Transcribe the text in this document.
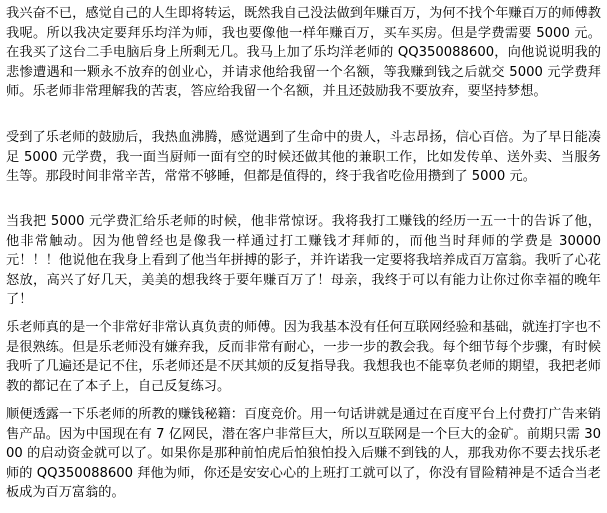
我兴奋不已，感觉自己的人生即将转运，既然我自己没法做到年赚百万，为何不找个年赚百万的师傅教我呢。所以我决定要拜乐均洋为师，我也要像他一样年赚百万，买车买房。但是学费需要 5000 元。在我买了这台二手电脑后身上所剩无几。我马上加了乐均洋老师的 QQ350088600，向他说说明我的悲惨遭遇和一颗永不放弃的创业心，并请求他给我留一个名额，等我赚到钱之后就交 5000 元学费拜师。乐老师非常理解我的苦衷，答应给我留一个名额，并且还鼓励我不要放弃，要坚持梦想。

受到了乐老师的鼓励后，我热血沸腾，感觉遇到了生命中的贵人，斗志昂扬，信心百倍。为了早日能凑足 5000 元学费，我一面当厨师一面有空的时候还做其他的兼职工作，比如发传单、送外卖、当服务生等。那段时间非常辛苦，常常不够睡，但都是值得的，终于我省吃俭用攒到了 5000 元。

当我把 5000 元学费汇给乐老师的时候，他非常惊讶。我将我打工赚钱的经历一五一十的告诉了他，他非常触动。因为他曾经也是像我一样通过打工赚钱才拜师的，而他当时拜师的学费是 30000 元！！！他说他在我身上看到了他当年拼搏的影子，并许诺我一定要将我培养成百万富翁。我听了心花怒放，高兴了好几天，美美的想我终于要年赚百万了！母亲，我终于可以有能力让你过你幸福的晚年了！

乐老师真的是一个非常好非常认真负责的师傅。因为我基本没有任何互联网经验和基础，就连打字也不是很熟练。但是乐老师没有嫌弃我，反而非常有耐心，一步一步的教会我。每个细节每个步骤，有时候我听了几遍还是记不住，乐老师还是不厌其烦的反复指导我。我想我也不能辜负老师的期望，我把老师教的都记在了本子上，自己反复练习。

顺便透露一下乐老师的所教的赚钱秘籍：百度竞价。用一句话讲就是通过在百度平台上付费打广告来销售产品。因为中国现在有 7 亿网民，潜在客户非常巨大，所以互联网是一个巨大的金矿。前期只需 3000 的启动资金就可以了。如果你是那种前怕虎后怕狼怕投入后赚不到钱的人，那我劝你不要去找乐老师的 QQ350088600 拜他为师，你还是安安心心的上班打工就可以了，你没有冒险精神是不适合当老板成为百万富翁的。
